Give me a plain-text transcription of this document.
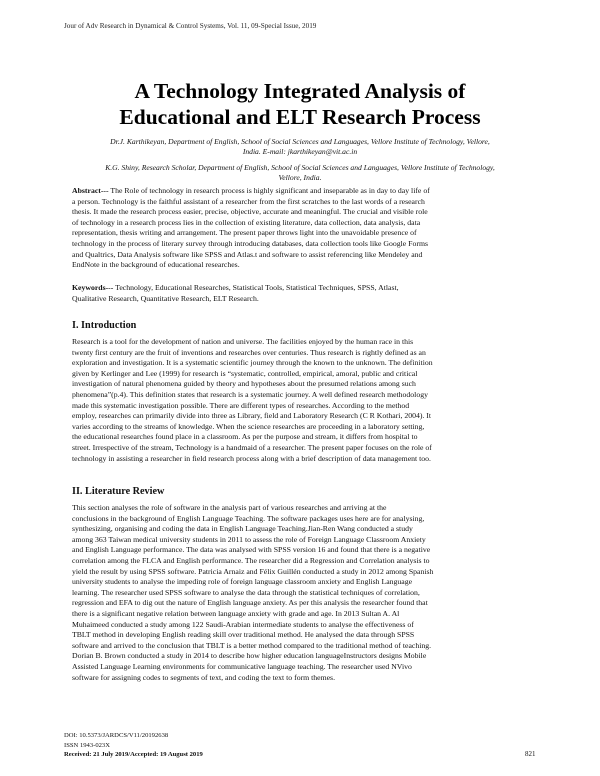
Jour of Adv Research in Dynamical & Control Systems, Vol. 11, 09-Special Issue, 2019
A Technology Integrated Analysis of
Educational and ELT Research Process
Dr.J. Karthikeyan, Department of English, School of Social Sciences and Languages, Vellore Institute of Technology, Vellore,
India. E-mail: jkarthikeyan@vit.ac.in
K.G. Shiny, Research Scholar, Department of English, School of Social Sciences and Languages, Vellore Institute of Technology,
Vellore, India.
Abstract--- The Role of technology in research process is highly significant and inseparable as in day to day life of
a person. Technology is the faithful assistant of a researcher from the first scratches to the last words of a research
thesis. It made the research process easier, precise, objective, accurate and meaningful. The crucial and visible role
of technology in a research process lies in the collection of existing literature, data collection, data analysis, data
representation, thesis writing and arrangement. The present paper throws light into the unavoidable presence of
technology in the process of literary survey through introducing databases, data collection tools like Google Forms
and Qualtrics, Data Analysis software like SPSS and Atlas.t and software to assist referencing like Mendeley and
EndNote in the background of educational researches.
Keywords--- Technology, Educational Researches, Statistical Tools, Statistical Techniques, SPSS, Atlast,
Qualitative Research, Quantitative Research, ELT Research.
I. Introduction
Research is a tool for the development of nation and universe. The facilities enjoyed by the human race in this
twenty first century are the fruit of inventions and researches over centuries. Thus research is rightly defined as an
exploration and investigation. It is a systematic scientific journey through the known to the unknown. The definition
given by Kerlinger and Lee (1999) for research is “systematic, controlled, empirical, amoral, public and critical
investigation of natural phenomena guided by theory and hypotheses about the presumed relations among such
phenomena”(p.4). This definition states that research is a systematic journey. A well defined research methodology
made this systematic investigation possible. There are different types of researches. According to the method
employ, researches can primarily divide into three as Library, field and Laboratory Research (C R Kothari, 2004). It
varies according to the streams of knowledge. When the science researches are proceeding in a laboratory setting,
the educational researches found place in a classroom. As per the purpose and stream, it differs from hospital to
street. Irrespective of the stream, Technology is a handmaid of a researcher. The present paper focuses on the role of
technology in assisting a researcher in field research process along with a brief description of data management too.
II. Literature Review
This section analyses the role of software in the analysis part of various researches and arriving at the
conclusions in the background of English Language Teaching. The software packages uses here are for analysing,
synthesizing, organising and coding the data in English Language Teaching.Jian-Ren Wang conducted a study
among 363 Taiwan medical university students in 2011 to assess the role of Foreign Language Classroom Anxiety
and English Language performance. The data was analysed with SPSS version 16 and found that there is a negative
correlation among the FLCA and English performance. The researcher did a Regression and Correlation analysis to
yield the result by using SPSS software. Patricia Arnaiz and Félix Guillén conducted a study in 2012 among Spanish
university students to analyse the impeding role of foreign language classroom anxiety and English Language
learning. The researcher used SPSS software to analyse the data through the statistical techniques of correlation,
regression and EFA to dig out the nature of English language anxiety. As per this analysis the researcher found that
there is a significant negative relation between language anxiety with grade and age. In 2013 Sultan A. Al
Muhaimeed conducted a study among 122 Saudi-Arabian intermediate students to analyse the effectiveness of
TBLT method in developing English reading skill over traditional method. He analysed the data through SPSS
software and arrived to the conclusion that TBLT is a better method compared to the traditional method of teaching.
Dorian B. Brown conducted a study in 2014 to describe how higher education languageInstructors designs Mobile
Assisted Language Learning environments for communicative language teaching. The researcher used NVivo
software for assigning codes to segments of text, and coding the text to form themes.
DOI: 10.5373/JARDCS/V11/20192638
ISSN 1943-023X
Received: 21 July 2019/Accepted: 19 August 2019	821
